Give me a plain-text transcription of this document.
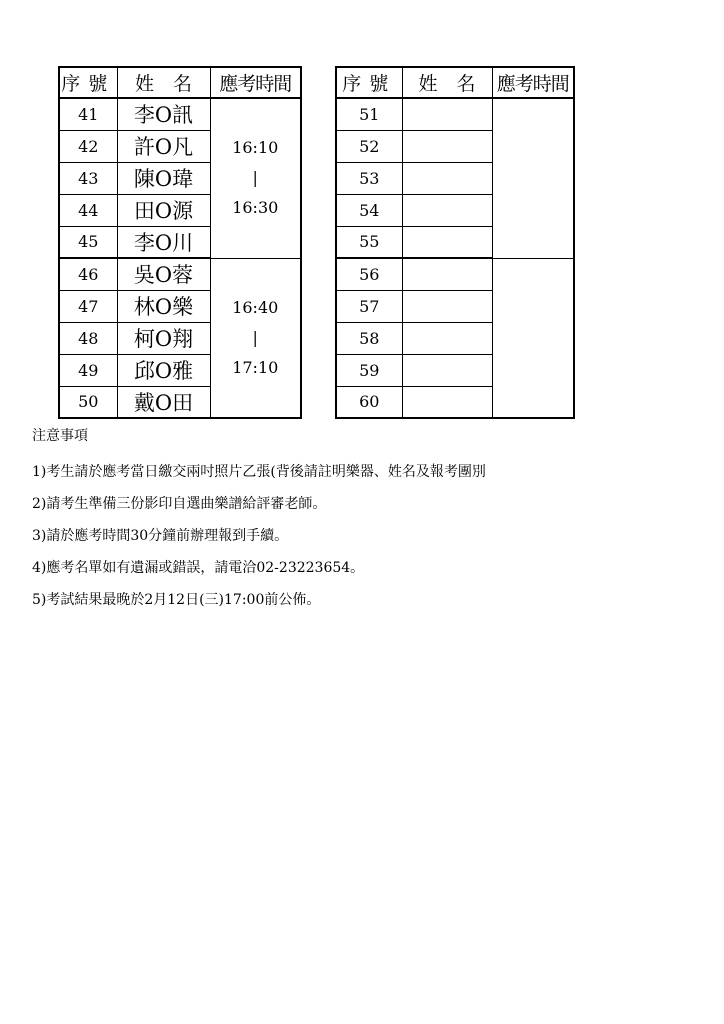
序號	姓　名	應考時間
41	李O訊	16:10
|
16:30

42	許O凡	
43	陳O瑋	
44	田O源	
45	李O川	
46	吳O蓉	16:40
|
17:10

47	林O樂	
48	柯O翔	
49	邱O雅	
50	戴O田	
序號	姓　名	應考時間
51		
52		
53		
54		
55		
56		
57		
58		
59		
60		
注意事項
1)考生請於應考當日繳交兩吋照片乙張(背後請註明樂器、姓名及報考團別
2)請考生準備三份影印自選曲樂譜給評審老師。
3)請於應考時間30分鐘前辦理報到手續。
4)應考名單如有遺漏或錯誤，請電洽02-23223654。
5)考試結果最晚於2月12日(三)17:00前公佈。
